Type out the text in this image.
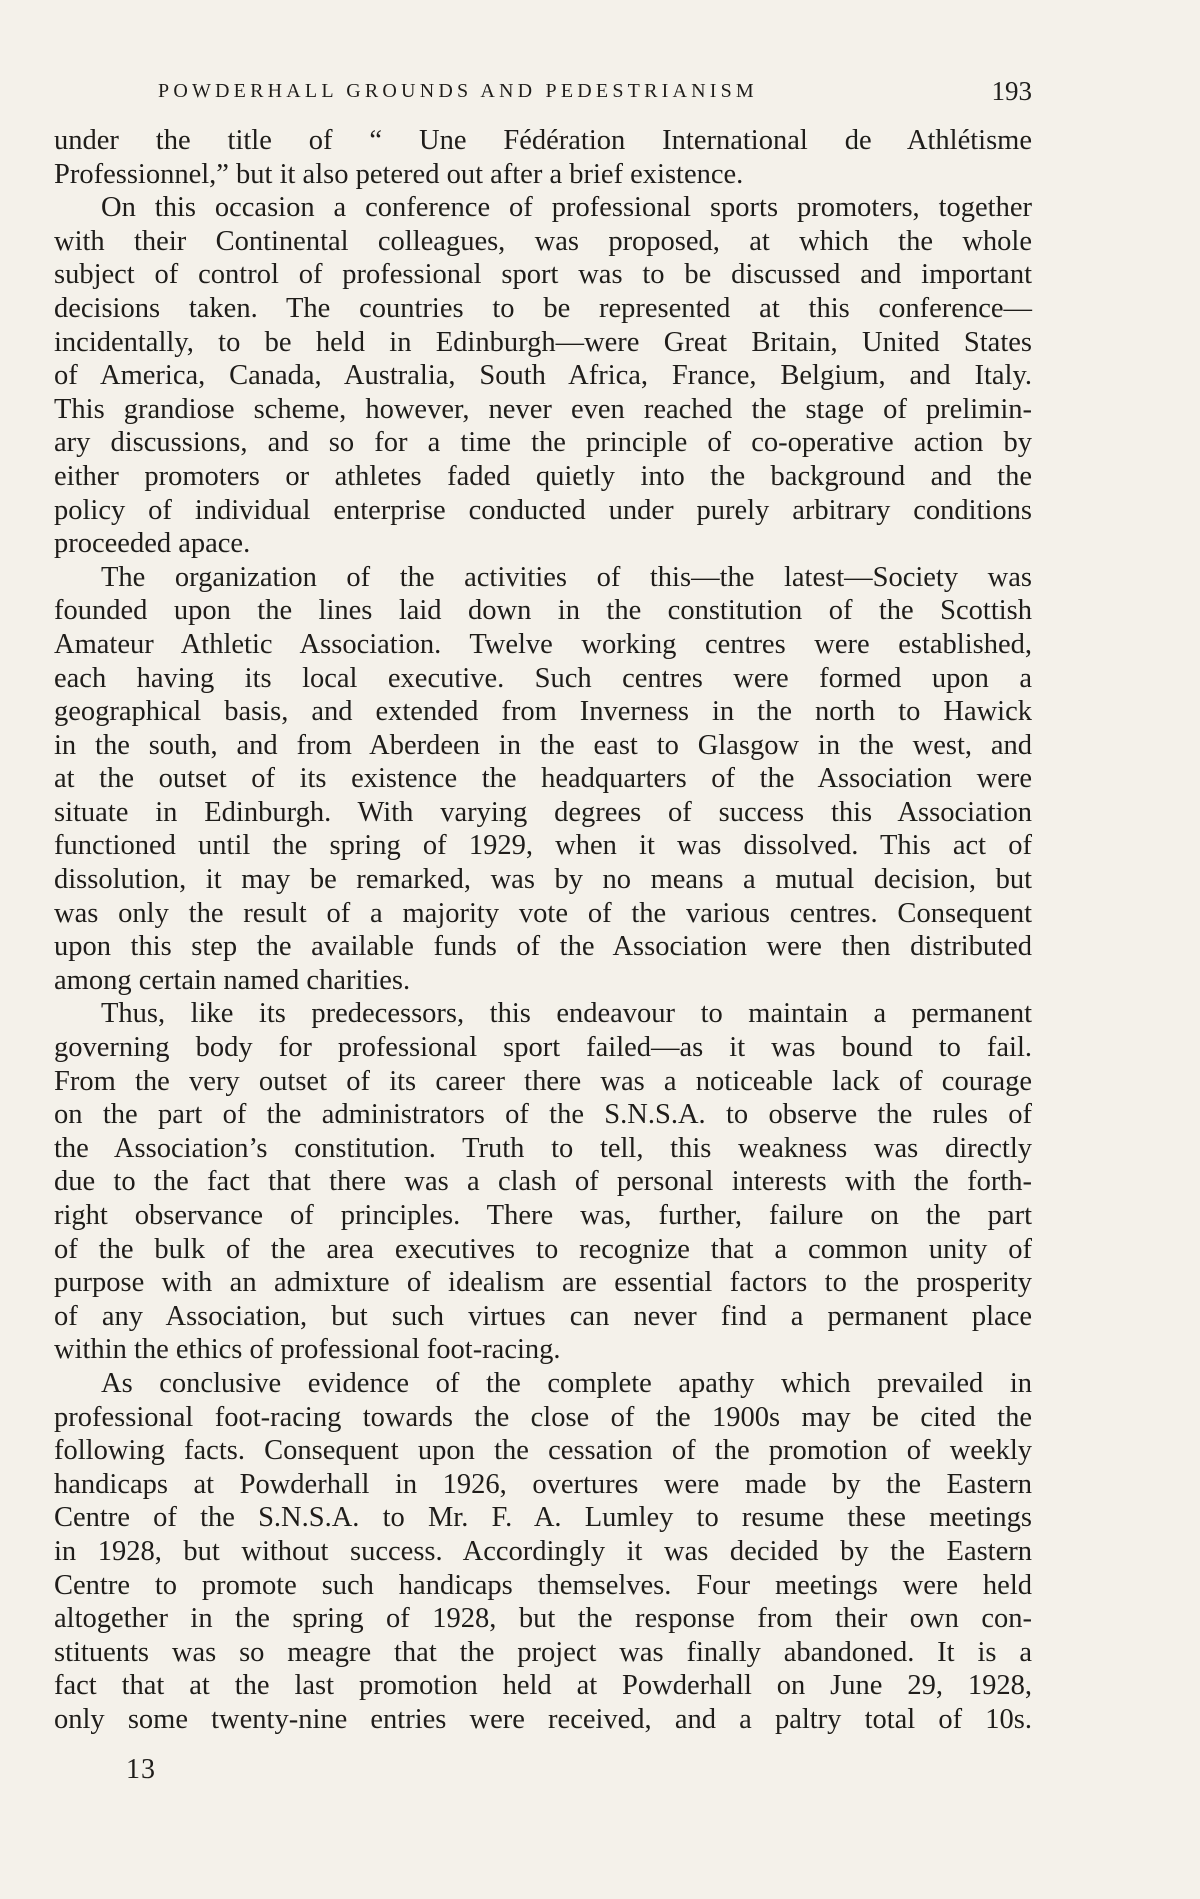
POWDERHALL GROUNDS AND PEDESTRIANISM	193
under the title of “ Une Fédération International de Athlétisme
Professionnel,” but it also petered out after a brief existence.
On this occasion a conference of professional sports promoters, together
with their Continental colleagues, was proposed, at which the whole
subject of control of professional sport was to be discussed and important
decisions taken. The countries to be represented at this conference—
incidentally, to be held in Edinburgh—were Great Britain, United States
of America, Canada, Australia, South Africa, France, Belgium, and Italy.
This grandiose scheme, however, never even reached the stage of prelimin-
ary discussions, and so for a time the principle of co-operative action by
either promoters or athletes faded quietly into the background and the
policy of individual enterprise conducted under purely arbitrary conditions
proceeded apace.
The organization of the activities of this—the latest—Society was
founded upon the lines laid down in the constitution of the Scottish
Amateur Athletic Association. Twelve working centres were established,
each having its local executive. Such centres were formed upon a
geographical basis, and extended from Inverness in the north to Hawick
in the south, and from Aberdeen in the east to Glasgow in the west, and
at the outset of its existence the headquarters of the Association were
situate in Edinburgh. With varying degrees of success this Association
functioned until the spring of 1929, when it was dissolved. This act of
dissolution, it may be remarked, was by no means a mutual decision, but
was only the result of a majority vote of the various centres. Consequent
upon this step the available funds of the Association were then distributed
among certain named charities.
Thus, like its predecessors, this endeavour to maintain a permanent
governing body for professional sport failed—as it was bound to fail.
From the very outset of its career there was a noticeable lack of courage
on the part of the administrators of the S.N.S.A. to observe the rules of
the Association’s constitution. Truth to tell, this weakness was directly
due to the fact that there was a clash of personal interests with the forth-
right observance of principles. There was, further, failure on the part
of the bulk of the area executives to recognize that a common unity of
purpose with an admixture of idealism are essential factors to the prosperity
of any Association, but such virtues can never find a permanent place
within the ethics of professional foot-racing.
As conclusive evidence of the complete apathy which prevailed in
professional foot-racing towards the close of the 1900s may be cited the
following facts. Consequent upon the cessation of the promotion of weekly
handicaps at Powderhall in 1926, overtures were made by the Eastern
Centre of the S.N.S.A. to Mr. F. A. Lumley to resume these meetings
in 1928, but without success. Accordingly it was decided by the Eastern
Centre to promote such handicaps themselves. Four meetings were held
altogether in the spring of 1928, but the response from their own con-
stituents was so meagre that the project was finally abandoned. It is a
fact that at the last promotion held at Powderhall on June 29, 1928,
only some twenty-nine entries were received, and a paltry total of 10s.
13
